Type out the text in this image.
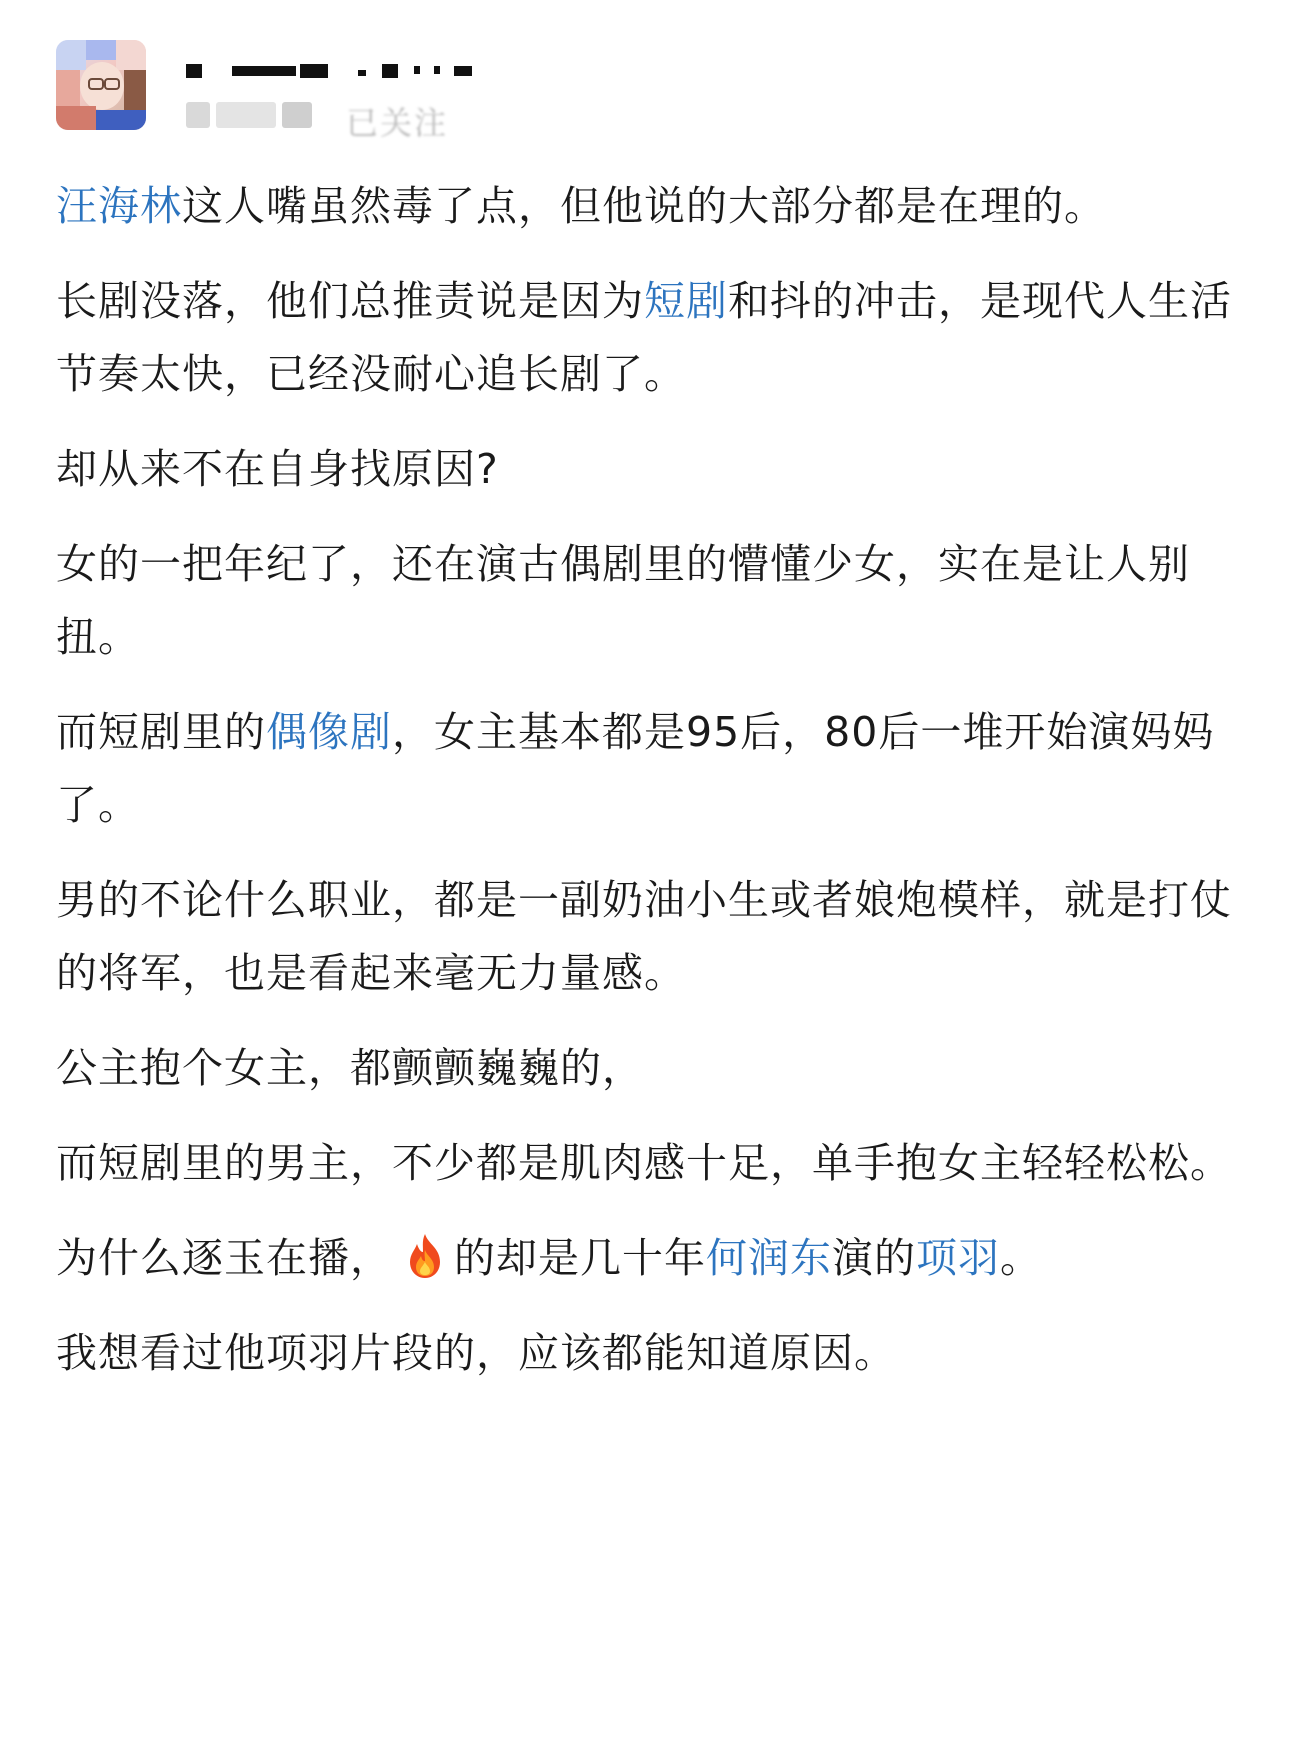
已关注

汪海林这人嘴虽然毒了点，但他说的大部分都是在理的。

长剧没落，他们总推责说是因为短剧和抖的冲击，是现代人生活节奏太快，已经没耐心追长剧了。

却从来不在自身找原因?

女的一把年纪了，还在演古偶剧里的懵懂少女，实在是让人别扭。

而短剧里的偶像剧，女主基本都是95后，80后一堆开始演妈妈了。

男的不论什么职业，都是一副奶油小生或者娘炮模样，就是打仗的将军，也是看起来毫无力量感。

公主抱个女主，都颤颤巍巍的，

而短剧里的男主，不少都是肌肉感十足，单手抱女主轻轻松松。

为什么逐玉在播， 的却是几十年何润东演的项羽。

我想看过他项羽片段的，应该都能知道原因。
